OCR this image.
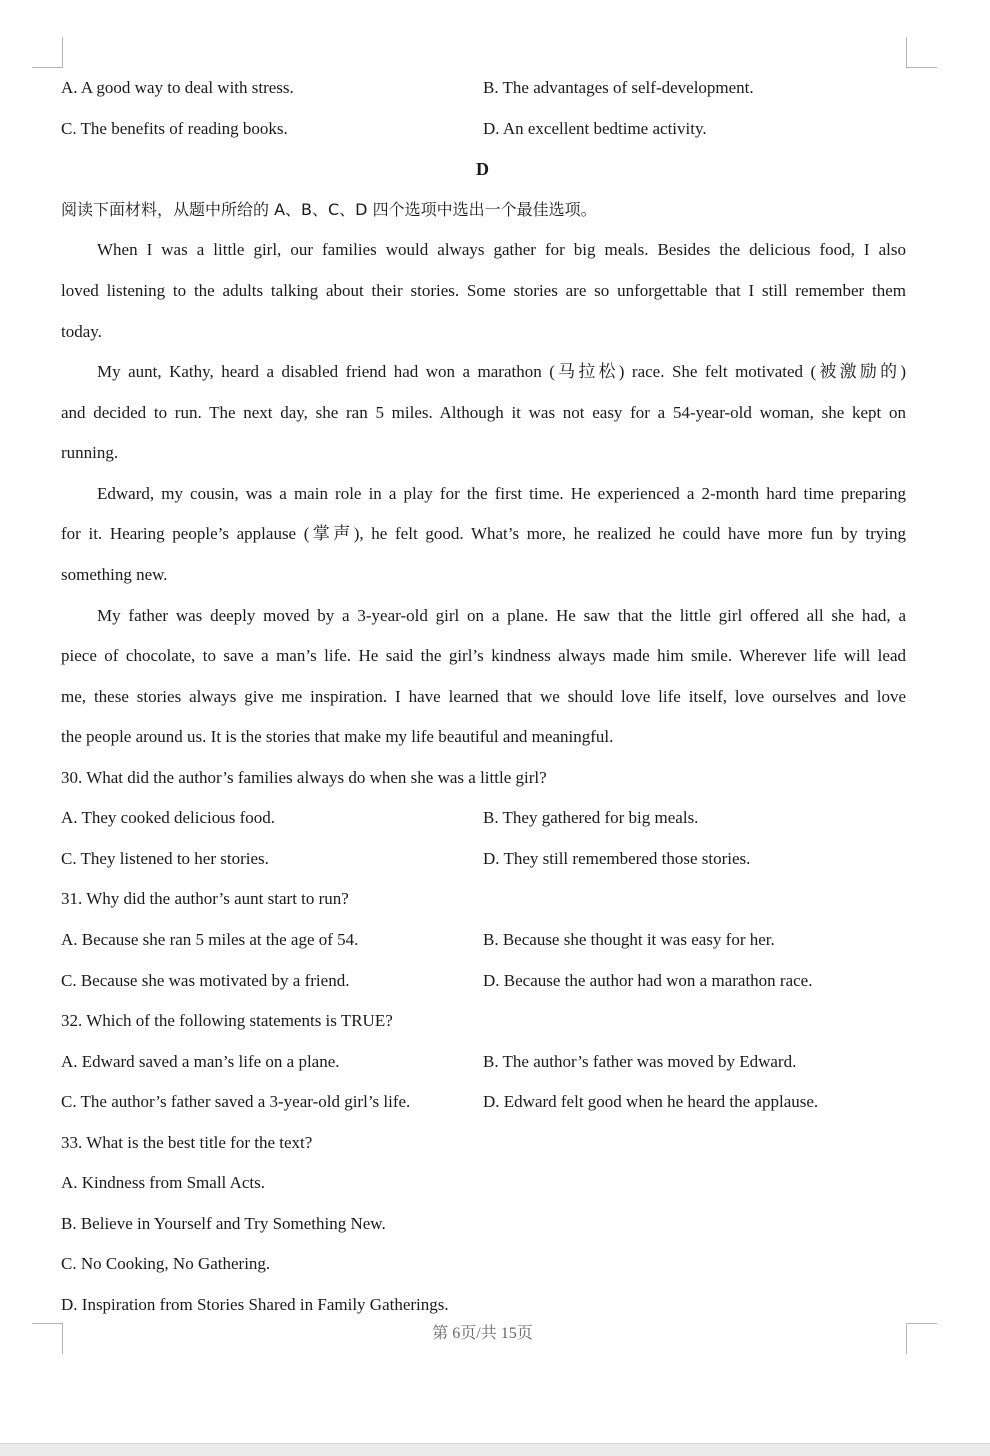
A. A good way to deal with stress.	B. The advantages of self-development.
C. The benefits of reading books.	D. An excellent bedtime activity.
D
阅读下面材料，从题中所给的 A、B、C、D 四个选项中选出一个最佳选项。
When I was a little girl, our families would always gather for big meals. Besides the delicious food, I also
loved listening to the adults talking about their stories. Some stories are so unforgettable that I still remember them
today.
My aunt, Kathy, heard a disabled friend had won a marathon (马拉松) race. She felt motivated (被激励的)
and decided to run. The next day, she ran 5 miles. Although it was not easy for a 54-year-old woman, she kept on
running.
Edward, my cousin, was a main role in a play for the first time. He experienced a 2-month hard time preparing
for it. Hearing people’s applause (掌声), he felt good. What’s more, he realized he could have more fun by trying
something new.
My father was deeply moved by a 3-year-old girl on a plane. He saw that the little girl offered all she had, a
piece of chocolate, to save a man’s life. He said the girl’s kindness always made him smile. Wherever life will lead
me, these stories always give me inspiration. I have learned that we should love life itself, love ourselves and love
the people around us. It is the stories that make my life beautiful and meaningful.
30. What did the author’s families always do when she was a little girl?
A. They cooked delicious food.	B. They gathered for big meals.
C. They listened to her stories.	D. They still remembered those stories.
31. Why did the author’s aunt start to run?
A. Because she ran 5 miles at the age of 54.	B. Because she thought it was easy for her.
C. Because she was motivated by a friend.	D. Because the author had won a marathon race.
32. Which of the following statements is TRUE?
A. Edward saved a man’s life on a plane.	B. The author’s father was moved by Edward.
C. The author’s father saved a 3-year-old girl’s life.	D. Edward felt good when he heard the applause.
33. What is the best title for the text?
A. Kindness from Small Acts.
B. Believe in Yourself and Try Something New.
C. No Cooking, No Gathering.
D. Inspiration from Stories Shared in Family Gatherings.
第 6页/共 15页
